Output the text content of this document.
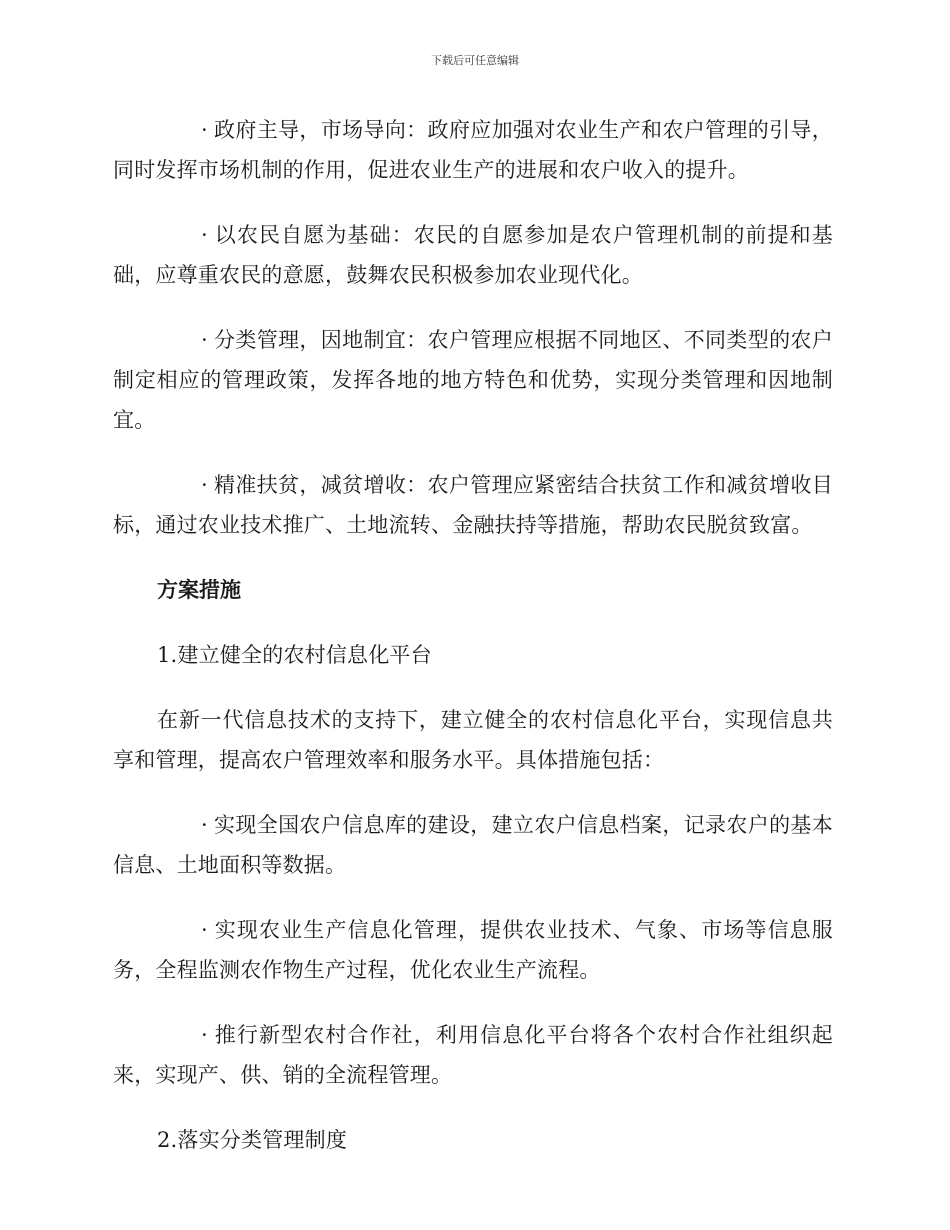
下载后可任意编辑

· 政府主导，市场导向：政府应加强对农业生产和农户管理的引导，同时发挥市场机制的作用，促进农业生产的进展和农户收入的提升。

· 以农民自愿为基础：农民的自愿参加是农户管理机制的前提和基础，应尊重农民的意愿，鼓舞农民积极参加农业现代化。

· 分类管理，因地制宜：农户管理应根据不同地区、不同类型的农户制定相应的管理政策，发挥各地的地方特色和优势，实现分类管理和因地制宜。

· 精准扶贫，减贫增收：农户管理应紧密结合扶贫工作和减贫增收目标，通过农业技术推广、土地流转、金融扶持等措施，帮助农民脱贫致富。

方案措施

1.建立健全的农村信息化平台

在新一代信息技术的支持下，建立健全的农村信息化平台，实现信息共享和管理，提高农户管理效率和服务水平。具体措施包括：

· 实现全国农户信息库的建设，建立农户信息档案，记录农户的基本信息、土地面积等数据。

· 实现农业生产信息化管理，提供农业技术、气象、市场等信息服务，全程监测农作物生产过程，优化农业生产流程。

· 推行新型农村合作社，利用信息化平台将各个农村合作社组织起来，实现产、供、销的全流程管理。

2.落实分类管理制度
